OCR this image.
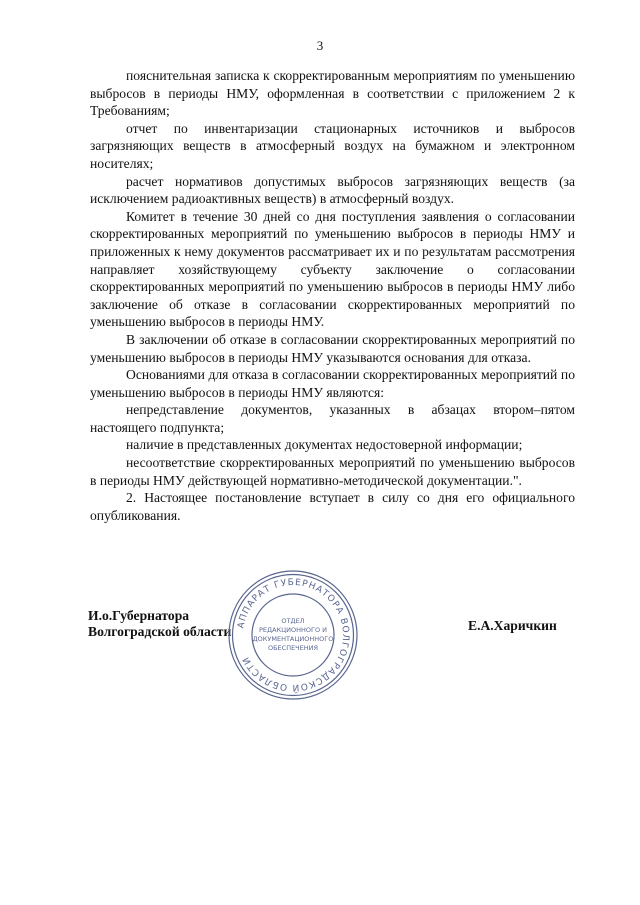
3

пояснительная записка к скорректированным мероприятиям по уменьшению выбросов в периоды НМУ, оформленная в соответствии с приложением 2 к Требованиям;

отчет по инвентаризации стационарных источников и выбросов загрязняющих веществ в атмосферный воздух на бумажном и электронном носителях;

расчет нормативов допустимых выбросов загрязняющих веществ (за исключением радиоактивных веществ) в атмосферный воздух.

Комитет в течение 30 дней со дня поступления заявления о согласовании скорректированных мероприятий по уменьшению выбросов в периоды НМУ и приложенных к нему документов рассматривает их и по результатам рассмотрения направляет хозяйствующему субъекту заключение о согласовании скорректированных мероприятий по уменьшению выбросов в периоды НМУ либо заключение об отказе в согласовании скорректированных мероприятий по уменьшению выбросов в периоды НМУ.

В заключении об отказе в согласовании скорректированных мероприятий по уменьшению выбросов в периоды НМУ указываются основания для отказа.

Основаниями для отказа в согласовании скорректированных мероприятий по уменьшению выбросов в периоды НМУ являются:

непредставление документов, указанных в абзацах втором–пятом настоящего подпункта;

наличие в представленных документах недостоверной информации;

несоответствие скорректированных мероприятий по уменьшению выбросов в периоды НМУ действующей нормативно-методической документации.".

2. Настоящее постановление вступает в силу со дня его официального опубликования.

И.о.Губернатора
Волгоградской области АППАРАТ ГУБЕРНАТОРА ВОЛГОГРАДСКОЙ ОБЛАСТИ
ОТДЕЛ
РЕДАКЦИОННОГО И
ДОКУМЕНТАЦИОННОГО
ОБЕСПЕЧЕНИЯ
Е.А.Харичкин
